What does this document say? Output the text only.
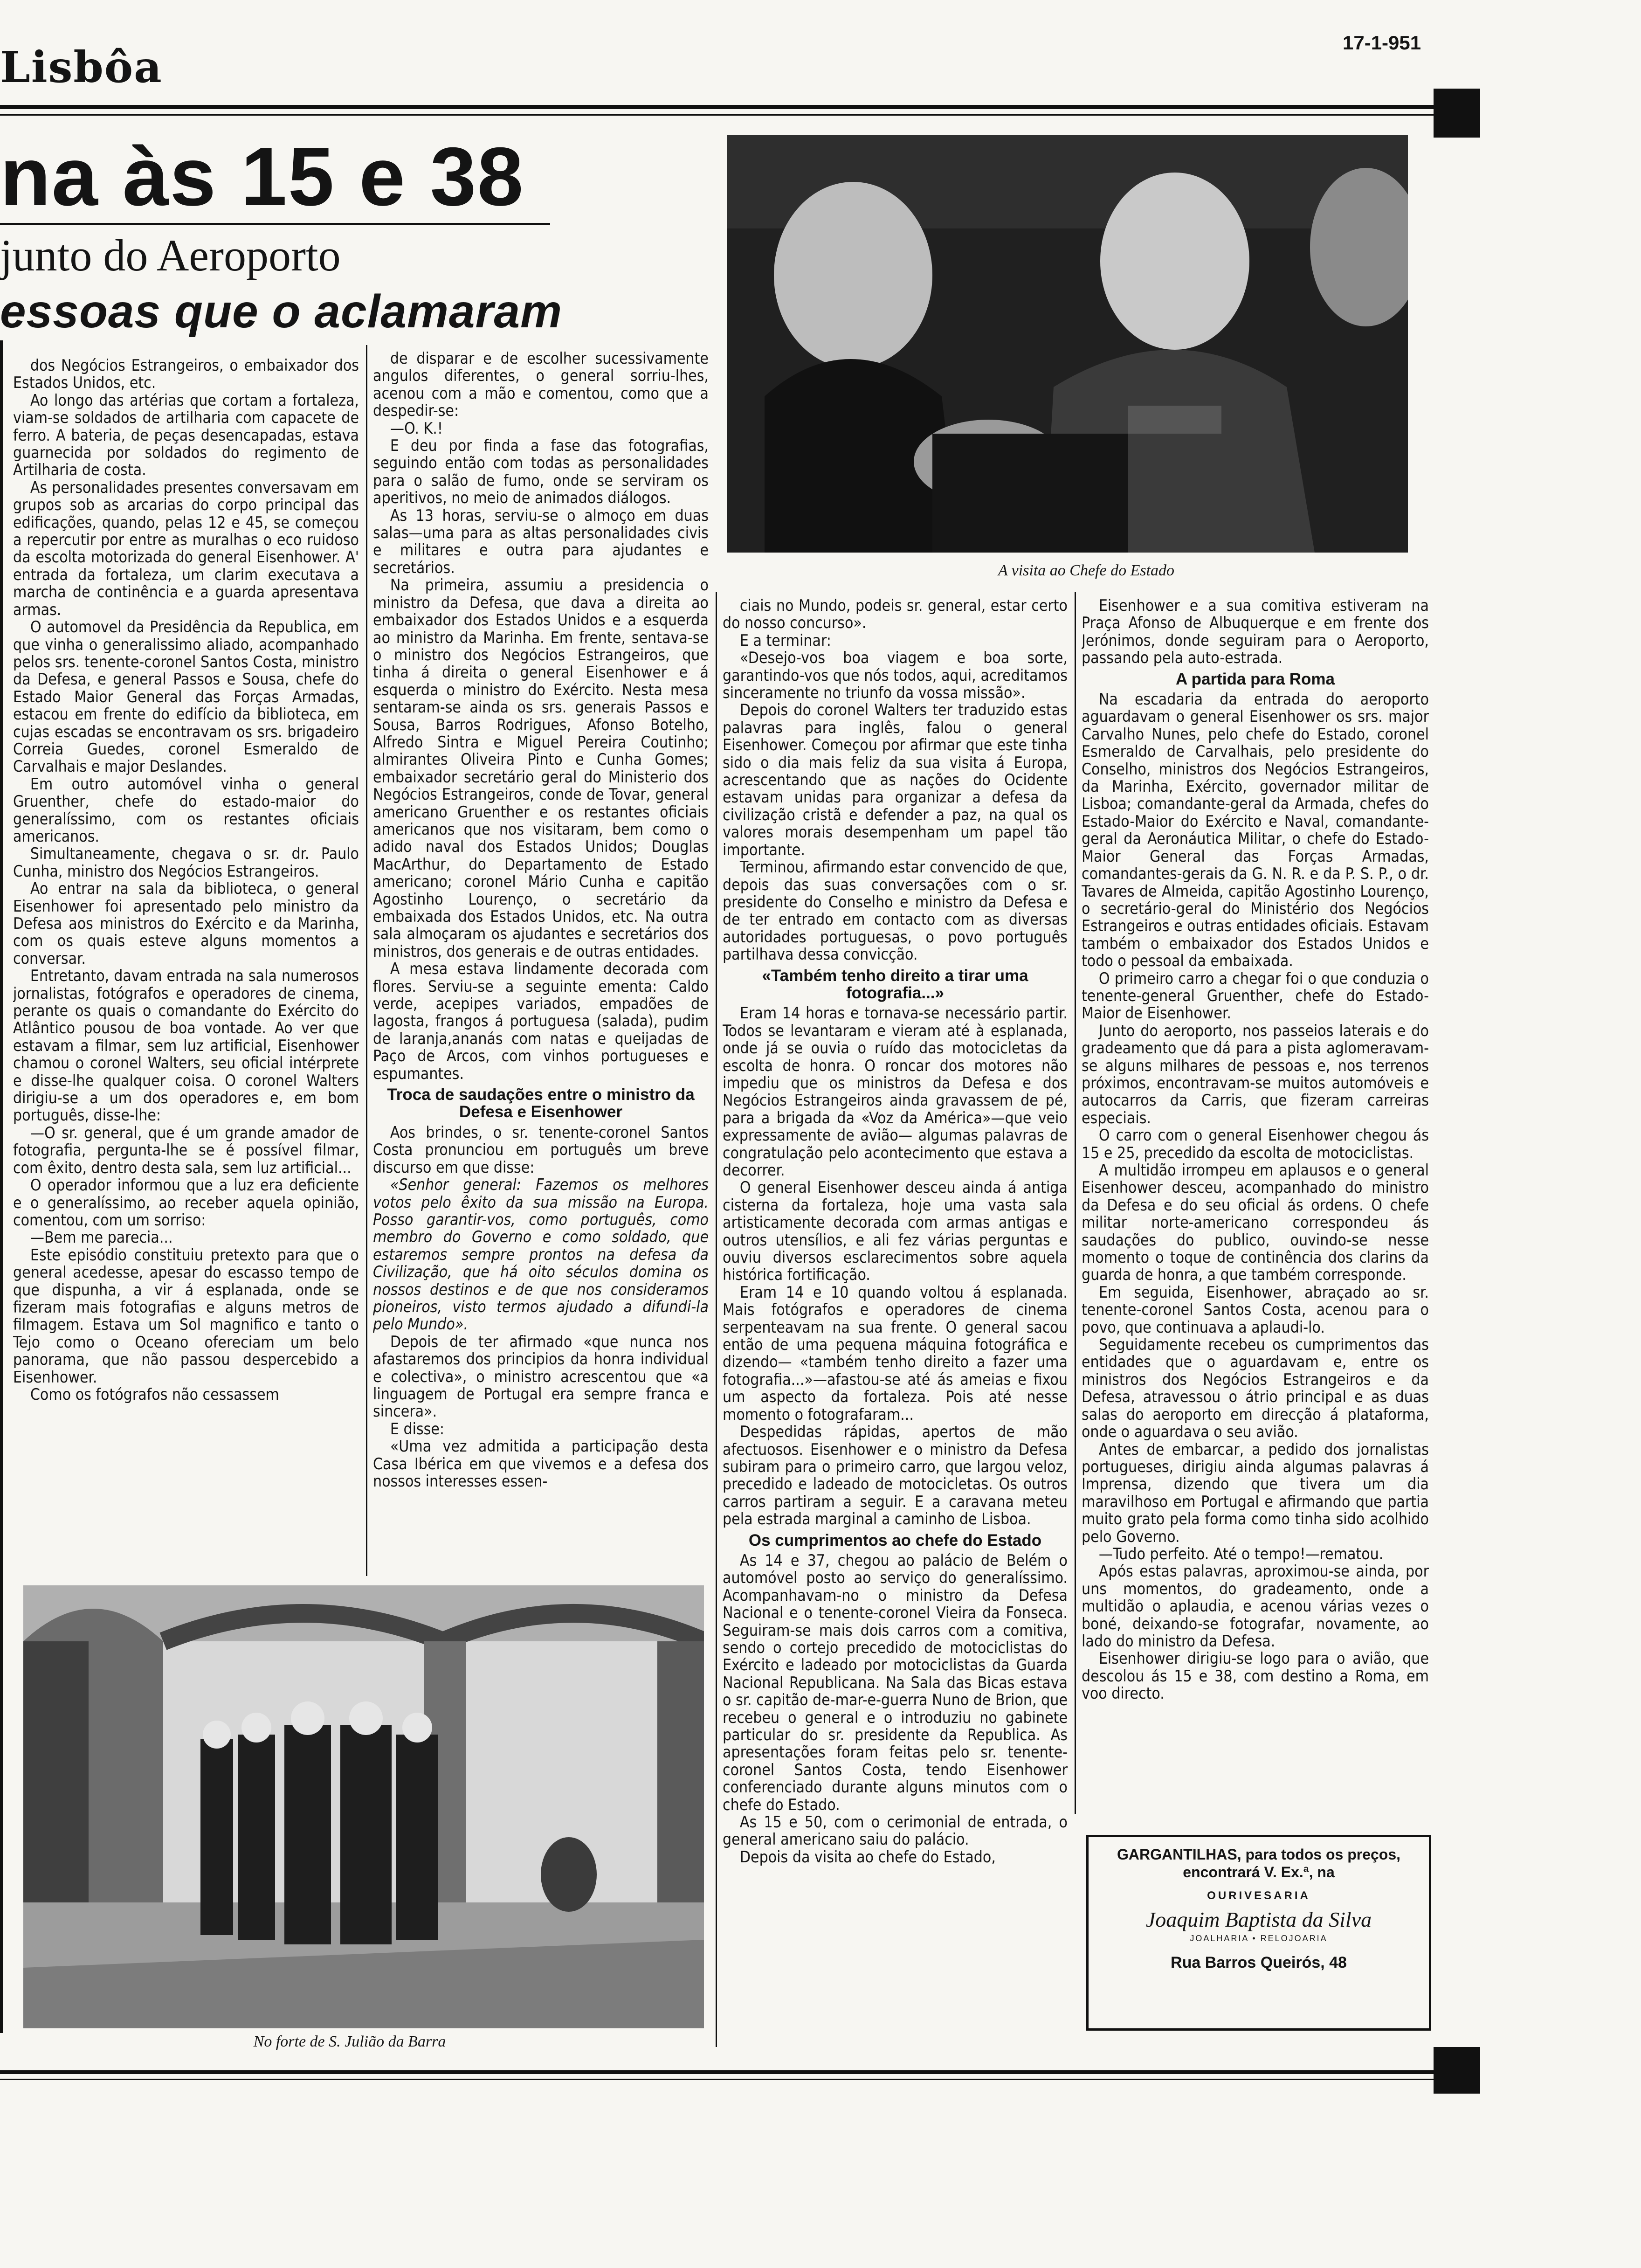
Lisbôa	17-1-951
na às 15 e 38
junto do Aeroporto
essoas que o aclamaram
A visita ao Chefe do Estado
No forte de S. Julião da Barra

dos Negócios Estrangeiros, o embaixador dos Estados Unidos, etc.

Ao longo das artérias que cortam a fortaleza, viam-se soldados de artilharia com capacete de ferro. A bateria, de peças desencapadas, estava guarnecida por soldados do regimento de Artilharia de costa.

As personalidades presentes conversavam em grupos sob as arcarias do corpo principal das edificações, quando, pelas 12 e 45, se começou a repercutir por entre as muralhas o eco ruidoso da escolta motorizada do general Eisenhower. A' entrada da fortaleza, um clarim executava a marcha de continência e a guarda apresentava armas.

O automovel da Presidência da Republica, em que vinha o generalissimo aliado, acompanhado pelos srs. tenente-coronel Santos Costa, ministro da Defesa, e general Passos e Sousa, chefe do Estado Maior General das Forças Armadas, estacou em frente do edifício da biblioteca, em cujas escadas se encontravam os srs. brigadeiro Correia Guedes, coronel Esmeraldo de Carvalhais e major Deslandes.

Em outro automóvel vinha o general Gruenther, chefe do estado-maior do generalíssimo, com os restantes oficiais americanos.

Simultaneamente, chegava o sr. dr. Paulo Cunha, ministro dos Negócios Estrangeiros.

Ao entrar na sala da biblioteca, o general Eisenhower foi apresentado pelo ministro da Defesa aos ministros do Exército e da Marinha, com os quais esteve alguns momentos a conversar.

Entretanto, davam entrada na sala numerosos jornalistas, fotógrafos e operadores de cinema, perante os quais o comandante do Exército do Atlântico pousou de boa vontade. Ao ver que estavam a filmar, sem luz artificial, Eisenhower chamou o coronel Walters, seu oficial intérprete e disse-lhe qualquer coisa. O coronel Walters dirigiu-se a um dos operadores e, em bom português, disse-lhe:

—O sr. general, que é um grande amador de fotografia, pergunta-lhe se é possível filmar, com êxito, dentro desta sala, sem luz artificial...

O operador informou que a luz era deficiente e o generalíssimo, ao receber aquela opinião, comentou, com um sorriso:

—Bem me parecia...

Este episódio constituiu pretexto para que o general acedesse, apesar do escasso tempo de que dispunha, a vir á esplanada, onde se fizeram mais fotografias e alguns metros de filmagem. Estava um Sol magnifico e tanto o Tejo como o Oceano ofereciam um belo panorama, que não passou despercebido a Eisenhower.

Como os fotógrafos não cessassem

de disparar e de escolher sucessivamente angulos diferentes, o general sorriu-lhes, acenou com a mão e comentou, como que a despedir-se:

—O. K.!

E deu por finda a fase das fotografias, seguindo então com todas as personalidades para o salão de fumo, onde se serviram os aperitivos, no meio de animados diálogos.

As 13 horas, serviu-se o almoço em duas salas—uma para as altas personalidades civis e militares e outra para ajudantes e secretários.

Na primeira, assumiu a presidencia o ministro da Defesa, que dava a direita ao embaixador dos Estados Unidos e a esquerda ao ministro da Marinha. Em frente, sentava-se o ministro dos Negócios Estrangeiros, que tinha á direita o general Eisenhower e á esquerda o ministro do Exército. Nesta mesa sentaram-se ainda os srs. generais Passos e Sousa, Barros Rodrigues, Afonso Botelho, Alfredo Sintra e Miguel Pereira Coutinho; almirantes Oliveira Pinto e Cunha Gomes; embaixador secretário geral do Ministerio dos Negócios Estrangeiros, conde de Tovar, general americano Gruenther e os restantes oficiais americanos que nos visitaram, bem como o adido naval dos Estados Unidos; Douglas MacArthur, do Departamento de Estado americano; coronel Mário Cunha e capitão Agostinho Lourenço, o secretário da embaixada dos Estados Unidos, etc. Na outra sala almoçaram os ajudantes e secretários dos ministros, dos generais e de outras entidades.

A mesa estava lindamente decorada com flores. Serviu-se a seguinte ementa: Caldo verde, acepipes variados, empadões de lagosta, frangos á portuguesa (salada), pudim de laranja,ananás com natas e queijadas de Paço de Arcos, com vinhos portugueses e espumantes.

Troca de saudações entre o ministro da Defesa e Eisenhower

Aos brindes, o sr. tenente-coronel Santos Costa pronunciou em português um breve discurso em que disse:

«Senhor general: Fazemos os melhores votos pelo êxito da sua missão na Europa. Posso garantir-vos, como português, como membro do Governo e como soldado, que estaremos sempre prontos na defesa da Civilização, que há oito séculos domina os nossos destinos e de que nos consideramos pioneiros, visto termos ajudado a difundi-la pelo Mundo».

Depois de ter afirmado «que nunca nos afastaremos dos principios da honra individual e colectiva», o ministro acrescentou que «a linguagem de Portugal era sempre franca e sincera».

E disse:

«Uma vez admitida a participação desta Casa Ibérica em que vivemos e a defesa dos nossos interesses essen-

ciais no Mundo, podeis sr. general, estar certo do nosso concurso».

E a terminar:

«Desejo-vos boa viagem e boa sorte, garantindo-vos que nós todos, aqui, acreditamos sinceramente no triunfo da vossa missão».

Depois do coronel Walters ter traduzido estas palavras para inglês, falou o general Eisenhower. Começou por afirmar que este tinha sido o dia mais feliz da sua visita á Europa, acrescentando que as nações do Ocidente estavam unidas para organizar a defesa da civilização cristã e defender a paz, na qual os valores morais desempenham um papel tão importante.

Terminou, afirmando estar convencido de que, depois das suas conversações com o sr. presidente do Conselho e ministro da Defesa e de ter entrado em contacto com as diversas autoridades portuguesas, o povo português partilhava dessa convicção.

«Também tenho direito a tirar uma fotografia...»

Eram 14 horas e tornava-se necessário partir. Todos se levantaram e vieram até à esplanada, onde já se ouvia o ruído das motocicletas da escolta de honra. O roncar dos motores não impediu que os ministros da Defesa e dos Negócios Estrangeiros ainda gravassem de pé, para a brigada da «Voz da América»—que veio expressamente de avião— algumas palavras de congratulação pelo acontecimento que estava a decorrer.

O general Eisenhower desceu ainda á antiga cisterna da fortaleza, hoje uma vasta sala artisticamente decorada com armas antigas e outros utensílios, e ali fez várias perguntas e ouviu diversos esclarecimentos sobre aquela histórica fortificação.

Eram 14 e 10 quando voltou á esplanada. Mais fotógrafos e operadores de cinema serpenteavam na sua frente. O general sacou então de uma pequena máquina fotográfica e dizendo— «também tenho direito a fazer uma fotografia...»—afastou-se até ás ameias e fixou um aspecto da fortaleza. Pois até nesse momento o fotografaram...

Despedidas rápidas, apertos de mão afectuosos. Eisenhower e o ministro da Defesa subiram para o primeiro carro, que largou veloz, precedido e ladeado de motocicletas. Os outros carros partiram a seguir. E a caravana meteu pela estrada marginal a caminho de Lisboa.

Os cumprimentos ao chefe do Estado

As 14 e 37, chegou ao palácio de Belém o automóvel posto ao serviço do generalíssimo. Acompanhavam-no o ministro da Defesa Nacional e o tenente-coronel Vieira da Fonseca. Seguiram-se mais dois carros com a comitiva, sendo o cortejo precedido de motociclistas do Exército e ladeado por motociclistas da Guarda Nacional Republicana. Na Sala das Bicas estava o sr. capitão de-mar-e-guerra Nuno de Brion, que recebeu o general e o introduziu no gabinete particular do sr. presidente da Republica. As apresentações foram feitas pelo sr. tenente-coronel Santos Costa, tendo Eisenhower conferenciado durante alguns minutos com o chefe do Estado.

As 15 e 50, com o cerimonial de entrada, o general americano saiu do palácio.

Depois da visita ao chefe do Estado,

Eisenhower e a sua comitiva estiveram na Praça Afonso de Albuquerque e em frente dos Jerónimos, donde seguiram para o Aeroporto, passando pela auto-estrada.

A partida para Roma

Na escadaria da entrada do aeroporto aguardavam o general Eisenhower os srs. major Carvalho Nunes, pelo chefe do Estado, coronel Esmeraldo de Carvalhais, pelo presidente do Conselho, ministros dos Negócios Estrangeiros, da Marinha, Exército, governador militar de Lisboa; comandante-geral da Armada, chefes do Estado-Maior do Exército e Naval, comandante-geral da Aeronáutica Militar, o chefe do Estado-Maior General das Forças Armadas, comandantes-gerais da G. N. R. e da P. S. P., o dr. Tavares de Almeida, capitão Agostinho Lourenço, o secretário-geral do Ministério dos Negócios Estrangeiros e outras entidades oficiais. Estavam também o embaixador dos Estados Unidos e todo o pessoal da embaixada.

O primeiro carro a chegar foi o que conduzia o tenente-general Gruenther, chefe do Estado-Maior de Eisenhower.

Junto do aeroporto, nos passeios laterais e do gradeamento que dá para a pista aglomeravam-se alguns milhares de pessoas e, nos terrenos próximos, encontravam-se muitos automóveis e autocarros da Carris, que fizeram carreiras especiais.

O carro com o general Eisenhower chegou ás 15 e 25, precedido da escolta de motociclistas.

A multidão irrompeu em aplausos e o general Eisenhower desceu, acompanhado do ministro da Defesa e do seu oficial ás ordens. O chefe militar norte-americano correspondeu ás saudações do publico, ouvindo-se nesse momento o toque de continência dos clarins da guarda de honra, a que também corresponde.

Em seguida, Eisenhower, abraçado ao sr. tenente-coronel Santos Costa, acenou para o povo, que continuava a aplaudi-lo.

Seguidamente recebeu os cumprimentos das entidades que o aguardavam e, entre os ministros dos Negócios Estrangeiros e da Defesa, atravessou o átrio principal e as duas salas do aeroporto em direcção á plataforma, onde o aguardava o seu avião.

Antes de embarcar, a pedido dos jornalistas portugueses, dirigiu ainda algumas palavras á Imprensa, dizendo que tivera um dia maravilhoso em Portugal e afirmando que partia muito grato pela forma como tinha sido acolhido pelo Governo.

—Tudo perfeito. Até o tempo!—rematou.

Após estas palavras, aproximou-se ainda, por uns momentos, do gradeamento, onde a multidão o aplaudia, e acenou várias vezes o boné, deixando-se fotografar, novamente, ao lado do ministro da Defesa.

Eisenhower dirigiu-se logo para o avião, que descolou ás 15 e 38, com destino a Roma, em voo directo.

GARGANTILHAS, para todos os preços, encontrará V. Ex.ª, na
OURIVESARIA
Joaquim Baptista da Silva
JOALHARIA • RELOJOARIA
Rua Barros Queirós, 48
